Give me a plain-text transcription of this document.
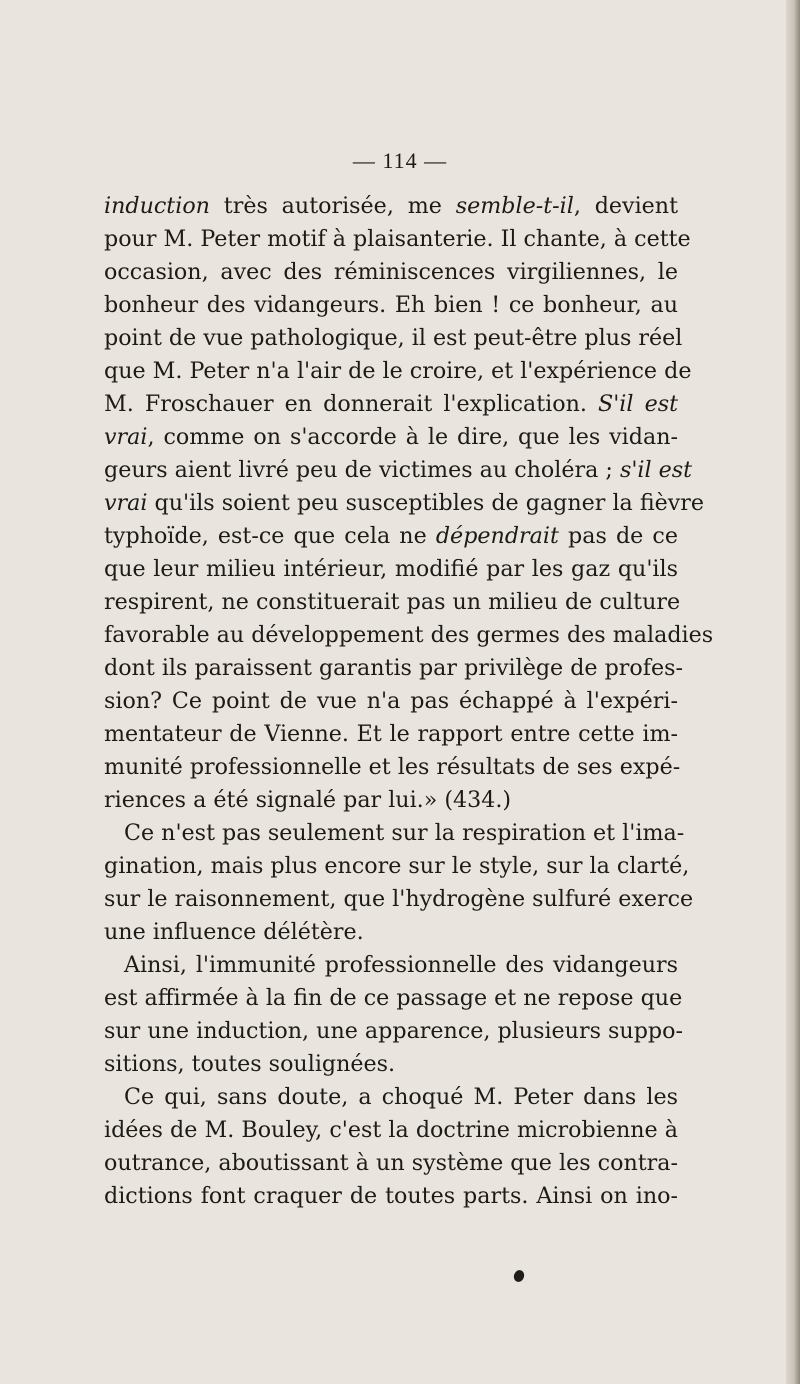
— 114 —
induction très autorisée, me semble-t-il, devient
pour M. Peter motif à plaisanterie. Il chante, à cette
occasion, avec des réminiscences virgiliennes, le
bonheur des vidangeurs. Eh bien ! ce bonheur, au
point de vue pathologique, il est peut-être plus réel
que M. Peter n'a l'air de le croire, et l'expérience de
M. Froschauer en donnerait l'explication. S'il est
vrai, comme on s'accorde à le dire, que les vidan-
geurs aient livré peu de victimes au choléra ; s'il est
vrai qu'ils soient peu susceptibles de gagner la fièvre
typhoïde, est-ce que cela ne dépendrait pas de ce
que leur milieu intérieur, modifié par les gaz qu'ils
respirent, ne constituerait pas un milieu de culture
favorable au développement des germes des maladies
dont ils paraissent garantis par privilège de profes-
sion? Ce point de vue n'a pas échappé à l'expéri-
mentateur de Vienne. Et le rapport entre cette im-
munité professionnelle et les résultats de ses expé-
riences a été signalé par lui.» (434.)
Ce n'est pas seulement sur la respiration et l'ima-
gination, mais plus encore sur le style, sur la clarté,
sur le raisonnement, que l'hydrogène sulfuré exerce
une influence délétère.
Ainsi, l'immunité professionnelle des vidangeurs
est affirmée à la fin de ce passage et ne repose que
sur une induction, une apparence, plusieurs suppo-
sitions, toutes soulignées.
Ce qui, sans doute, a choqué M. Peter dans les
idées de M. Bouley, c'est la doctrine microbienne à
outrance, aboutissant à un système que les contra-
dictions font craquer de toutes parts. Ainsi on ino-
